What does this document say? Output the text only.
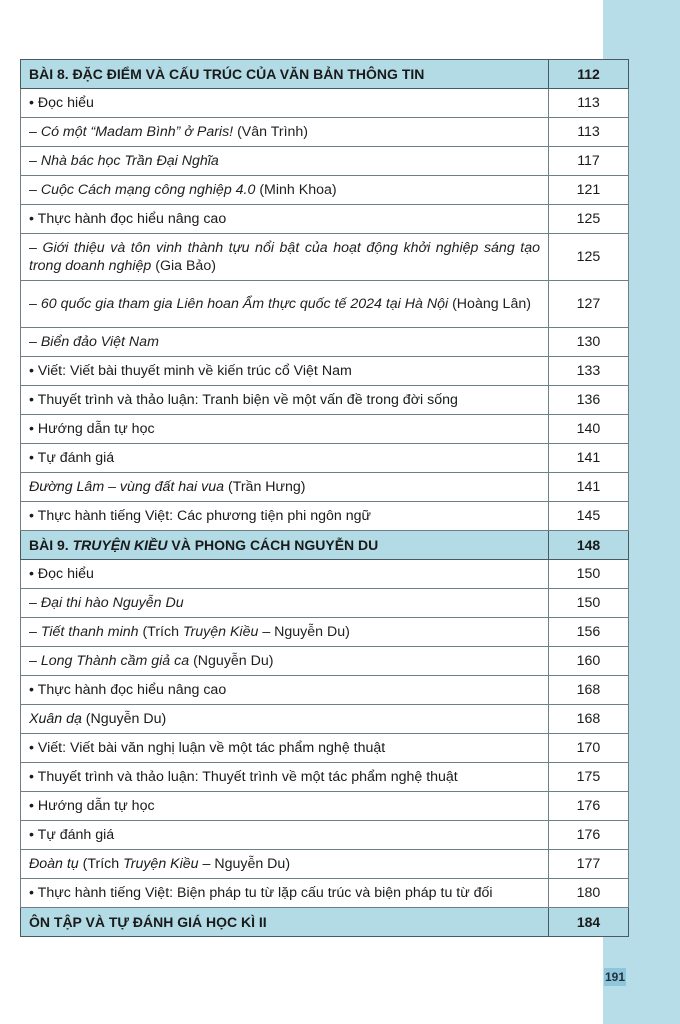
BÀI 8. ĐẶC ĐIỂM VÀ CẤU TRÚC CỦA VĂN BẢN THÔNG TIN	112
• Đọc hiểu	113
– Có một “Madam Bình” ở Paris! (Vân Trình)	113
– Nhà bác học Trần Đại Nghĩa	117
– Cuộc Cách mạng công nghiệp 4.0 (Minh Khoa)	121
• Thực hành đọc hiểu nâng cao	125
– Giới thiệu và tôn vinh thành tựu nổi bật của hoạt động khởi nghiệp sáng tạo trong doanh nghiệp (Gia Bảo)	125
– 60 quốc gia tham gia Liên hoan Ẩm thực quốc tế 2024 tại Hà Nội (Hoàng Lân)	127
– Biển đảo Việt Nam	130
• Viết: Viết bài thuyết minh về kiến trúc cổ Việt Nam	133
• Thuyết trình và thảo luận: Tranh biện về một vấn đề trong đời sống	136
• Hướng dẫn tự học	140
• Tự đánh giá	141
Đường Lâm – vùng đất hai vua (Trần Hưng)	141
• Thực hành tiếng Việt: Các phương tiện phi ngôn ngữ	145
BÀI 9. TRUYỆN KIỀU VÀ PHONG CÁCH NGUYỄN DU	148
• Đọc hiểu	150
– Đại thi hào Nguyễn Du	150
– Tiết thanh minh (Trích Truyện Kiều – Nguyễn Du)	156
– Long Thành cầm giả ca (Nguyễn Du)	160
• Thực hành đọc hiểu nâng cao	168
Xuân dạ (Nguyễn Du)	168
• Viết: Viết bài văn nghị luận về một tác phẩm nghệ thuật	170
• Thuyết trình và thảo luận: Thuyết trình về một tác phẩm nghệ thuật	175
• Hướng dẫn tự học	176
• Tự đánh giá	176
Đoàn tụ (Trích Truyện Kiều – Nguyễn Du)	177
• Thực hành tiếng Việt: Biện pháp tu từ lặp cấu trúc và biện pháp tu từ đối	180
ÔN TẬP VÀ TỰ ĐÁNH GIÁ HỌC KÌ II	184
191
